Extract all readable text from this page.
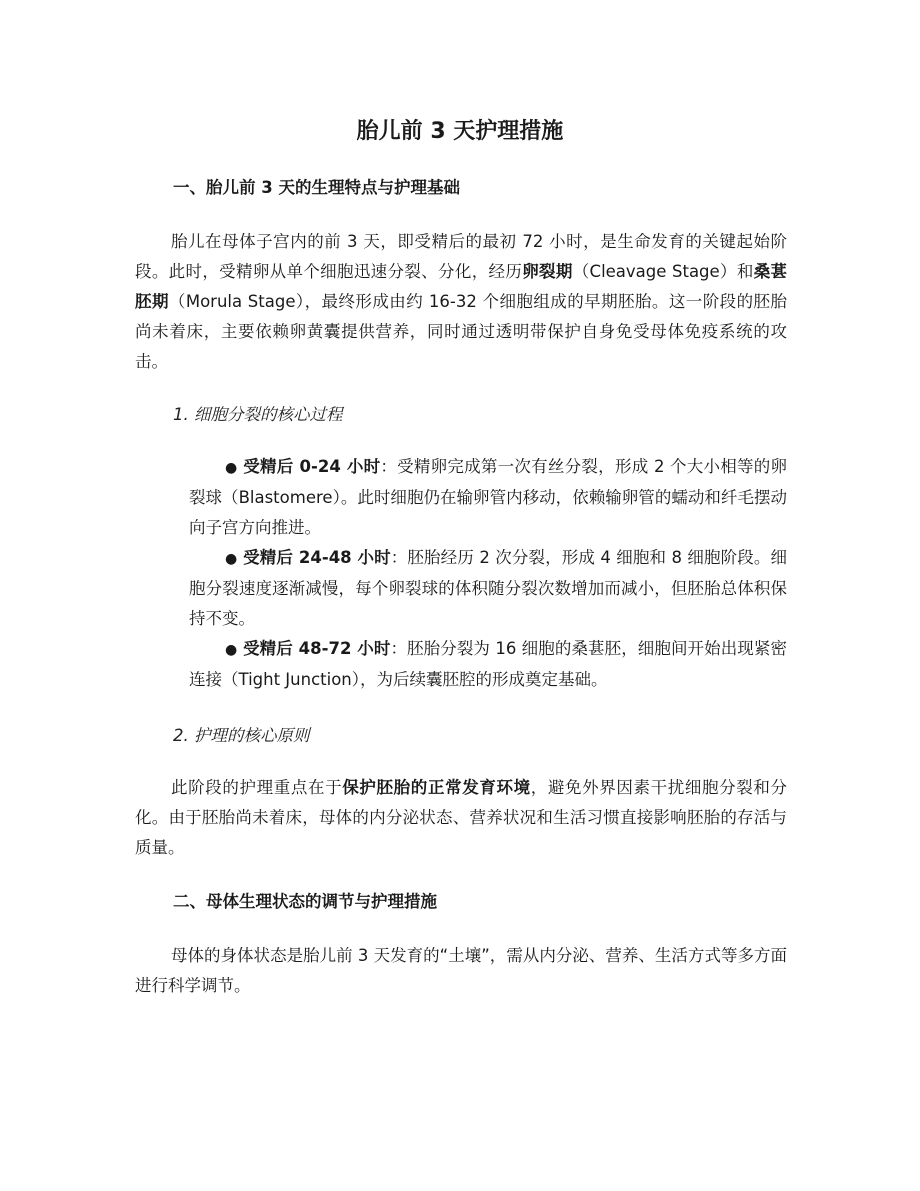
胎儿前 3 天护理措施
一、胎儿前 3 天的生理特点与护理基础

胎儿在母体子宫内的前 3 天，即受精后的最初 72 小时，是生命发育的关键起始阶段。此时，受精卵从单个细胞迅速分裂、分化，经历卵裂期（Cleavage Stage）和桑葚胚期（Morula Stage），最终形成由约 16-32 个细胞组成的早期胚胎。这一阶段的胚胎尚未着床，主要依赖卵黄囊提供营养，同时通过透明带保护自身免受母体免疫系统的攻击。

1. 细胞分裂的核心过程

● 受精后 0-24 小时：受精卵完成第一次有丝分裂，形成 2 个大小相等的卵裂球（Blastomere）。此时细胞仍在输卵管内移动，依赖输卵管的蠕动和纤毛摆动向子宫方向推进。
● 受精后 24-48 小时：胚胎经历 2 次分裂，形成 4 细胞和 8 细胞阶段。细胞分裂速度逐渐减慢，每个卵裂球的体积随分裂次数增加而减小，但胚胎总体积保持不变。
● 受精后 48-72 小时：胚胎分裂为 16 细胞的桑葚胚，细胞间开始出现紧密连接（Tight Junction），为后续囊胚腔的形成奠定基础。

2. 护理的核心原则

此阶段的护理重点在于保护胚胎的正常发育环境，避免外界因素干扰细胞分裂和分化。由于胚胎尚未着床，母体的内分泌状态、营养状况和生活习惯直接影响胚胎的存活与质量。

二、母体生理状态的调节与护理措施

母体的身体状态是胎儿前 3 天发育的“土壤”，需从内分泌、营养、生活方式等多方面进行科学调节。
